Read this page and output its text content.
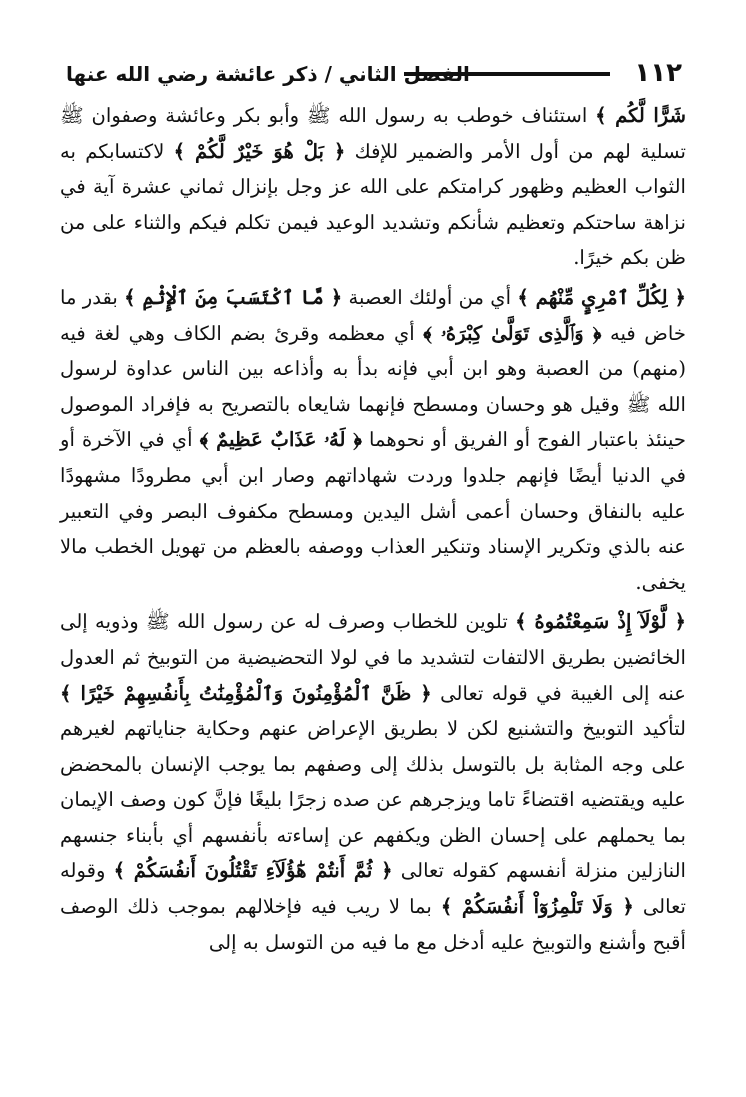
١١٢
الفصل الثاني / ذكر عائشة رضي الله عنها

شَرًّا لَّكُم ﴾ استئناف خوطب به رسول الله ﷺ وأبو بكر وعائشة وصفوان ﷺ تسلية لهم من أول الأمر والضمير للإفك ﴿ بَلْ هُوَ خَيْرٌ لَّكُمْ ﴾ لاكتسابكم به الثواب العظيم وظهور كرامتكم على الله عز وجل بإنزال ثماني عشرة آية في نزاهة ساحتكم وتعظيم شأنكم وتشديد الوعيد فيمن تكلم فيكم والثناء على من ظن بكم خيرًا.

﴿ لِكُلِّ ٱمْرِيٍٕ مِّنْهُم ﴾ أي من أولئك العصبة ﴿ مَّا ٱكْتَسَبَ مِنَ ٱلْإِثْمِ ﴾ بقدر ما خاض فيه ﴿ وَٱلَّذِى تَوَلَّىٰ كِبْرَهُۥ ﴾ أي معظمه وقرئ بضم الكاف وهي لغة فيه (منهم) من العصبة وهو ابن أبي فإنه بدأ به وأذاعه بين الناس عداوة لرسول الله ﷺ وقيل هو وحسان ومسطح فإنهما شايعاه بالتصريح به فإفراد الموصول حينئذ باعتبار الفوج أو الفريق أو نحوهما ﴿ لَهُۥ عَذَابٌ عَظِيمٌ ﴾ أي في الآخرة أو في الدنيا أيضًا فإنهم جلدوا وردت شهاداتهم وصار ابن أبي مطرودًا مشهودًا عليه بالنفاق وحسان أعمى أشل اليدين ومسطح مكفوف البصر وفي التعبير عنه بالذي وتكرير الإسناد وتنكير العذاب ووصفه بالعظم من تهويل الخطب مالا يخفى.

﴿ لَّوْلَآ إِذْ سَمِعْتُمُوهُ ﴾ تلوين للخطاب وصرف له عن رسول الله ﷺ وذويه إلى الخائضين بطريق الالتفات لتشديد ما في لولا التحضيضية من التوبيخ ثم العدول عنه إلى الغيبة في قوله تعالى ﴿ ظَنَّ ٱلْمُؤْمِنُونَ وَٱلْمُؤْمِنَٰتُ بِأَنفُسِهِمْ خَيْرًا ﴾ لتأكيد التوبيخ والتشنيع لكن لا بطريق الإعراض عنهم وحكاية جناياتهم لغيرهم على وجه المثابة بل بالتوسل بذلك إلى وصفهم بما يوجب الإنسان بالمحضض عليه ويقتضيه اقتضاءً تاما ويزجرهم عن صده زجرًا بليغًا فإنَّ كون وصف الإيمان بما يحملهم على إحسان الظن ويكفهم عن إساءته بأنفسهم أي بأبناء جنسهم النازلين منزلة أنفسهم كقوله تعالى ﴿ ثُمَّ أَنتُمْ هَٰٓؤُلَآءِ تَقْتُلُونَ أَنفُسَكُمْ ﴾ وقوله تعالى ﴿ وَلَا تَلْمِزُوٓاْ أَنفُسَكُمْ ﴾ بما لا ريب فيه فإخلالهم بموجب ذلك الوصف أقبح وأشنع والتوبيخ عليه أدخل مع ما فيه من التوسل به إلى
